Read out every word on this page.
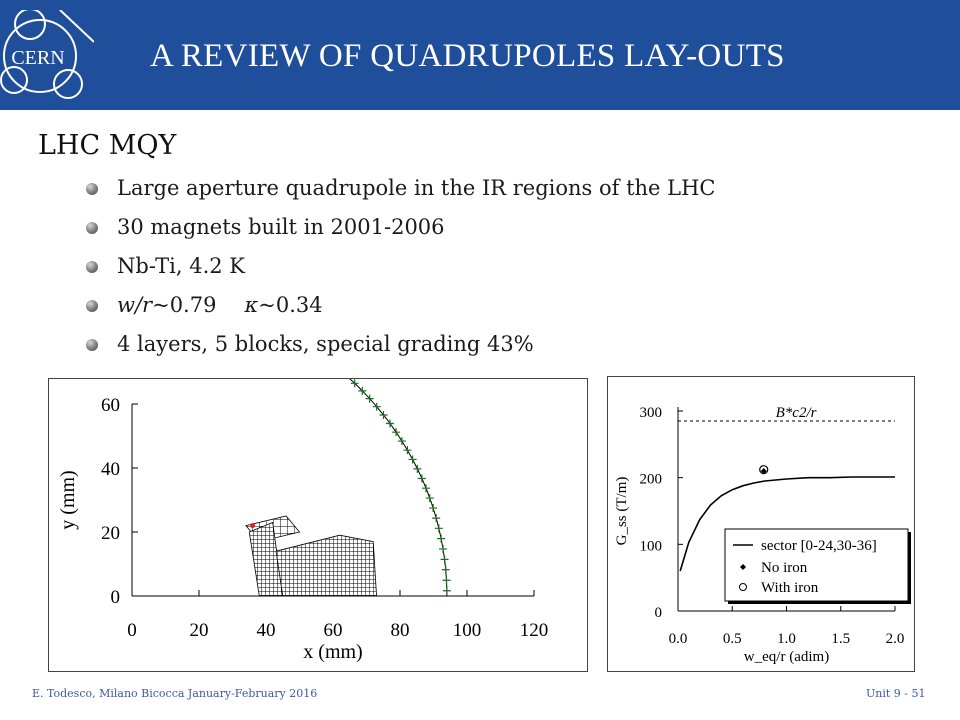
CERN	A REVIEW OF QUADRUPOLES LAY-OUTS
LHC MQY
Large aperture quadrupole in the IR regions of the LHC
30 magnets built in 2001-2006
Nb-Ti, 4.2 K
w/r~0.79 κ~0.34
4 layers, 5 blocks, special grading 43%
0
20
40
60
0	20	40	60	80 100 120
x (mm)
y (mm)
0
100
200
300
0.0 0.5 1.0 1.5 2.0
B*c2/r
w_eq/r (adim)
G_ss (T/m)
sector [0-24,30-36]
No iron
With iron
E. Todesco, Milano Bicocca January-February 2016	Unit 9 - 51
